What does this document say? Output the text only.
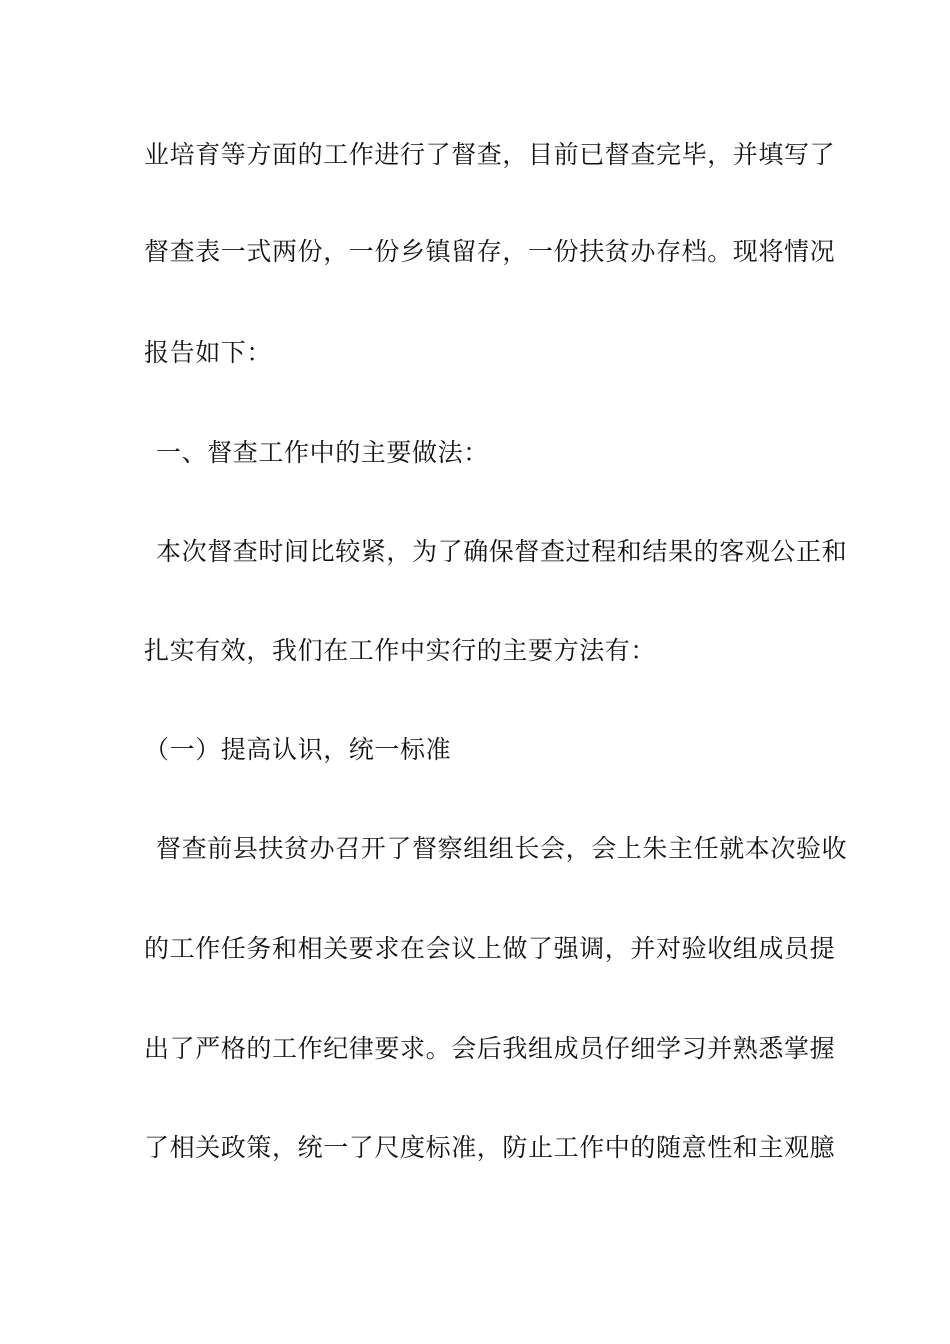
业培育等方面的工作进行了督查，目前已督查完毕，并填写了
督查表一式两份，一份乡镇留存，一份扶贫办存档。现将情况
报告如下：
一、督查工作中的主要做法：
本次督查时间比较紧，为了确保督查过程和结果的客观公正和
扎实有效，我们在工作中实行的主要方法有：
（一）提高认识，统一标准
督查前县扶贫办召开了督察组组长会，会上朱主任就本次验收
的工作任务和相关要求在会议上做了强调，并对验收组成员提
出了严格的工作纪律要求。会后我组成员仔细学习并熟悉掌握
了相关政策，统一了尺度标准，防止工作中的随意性和主观臆
